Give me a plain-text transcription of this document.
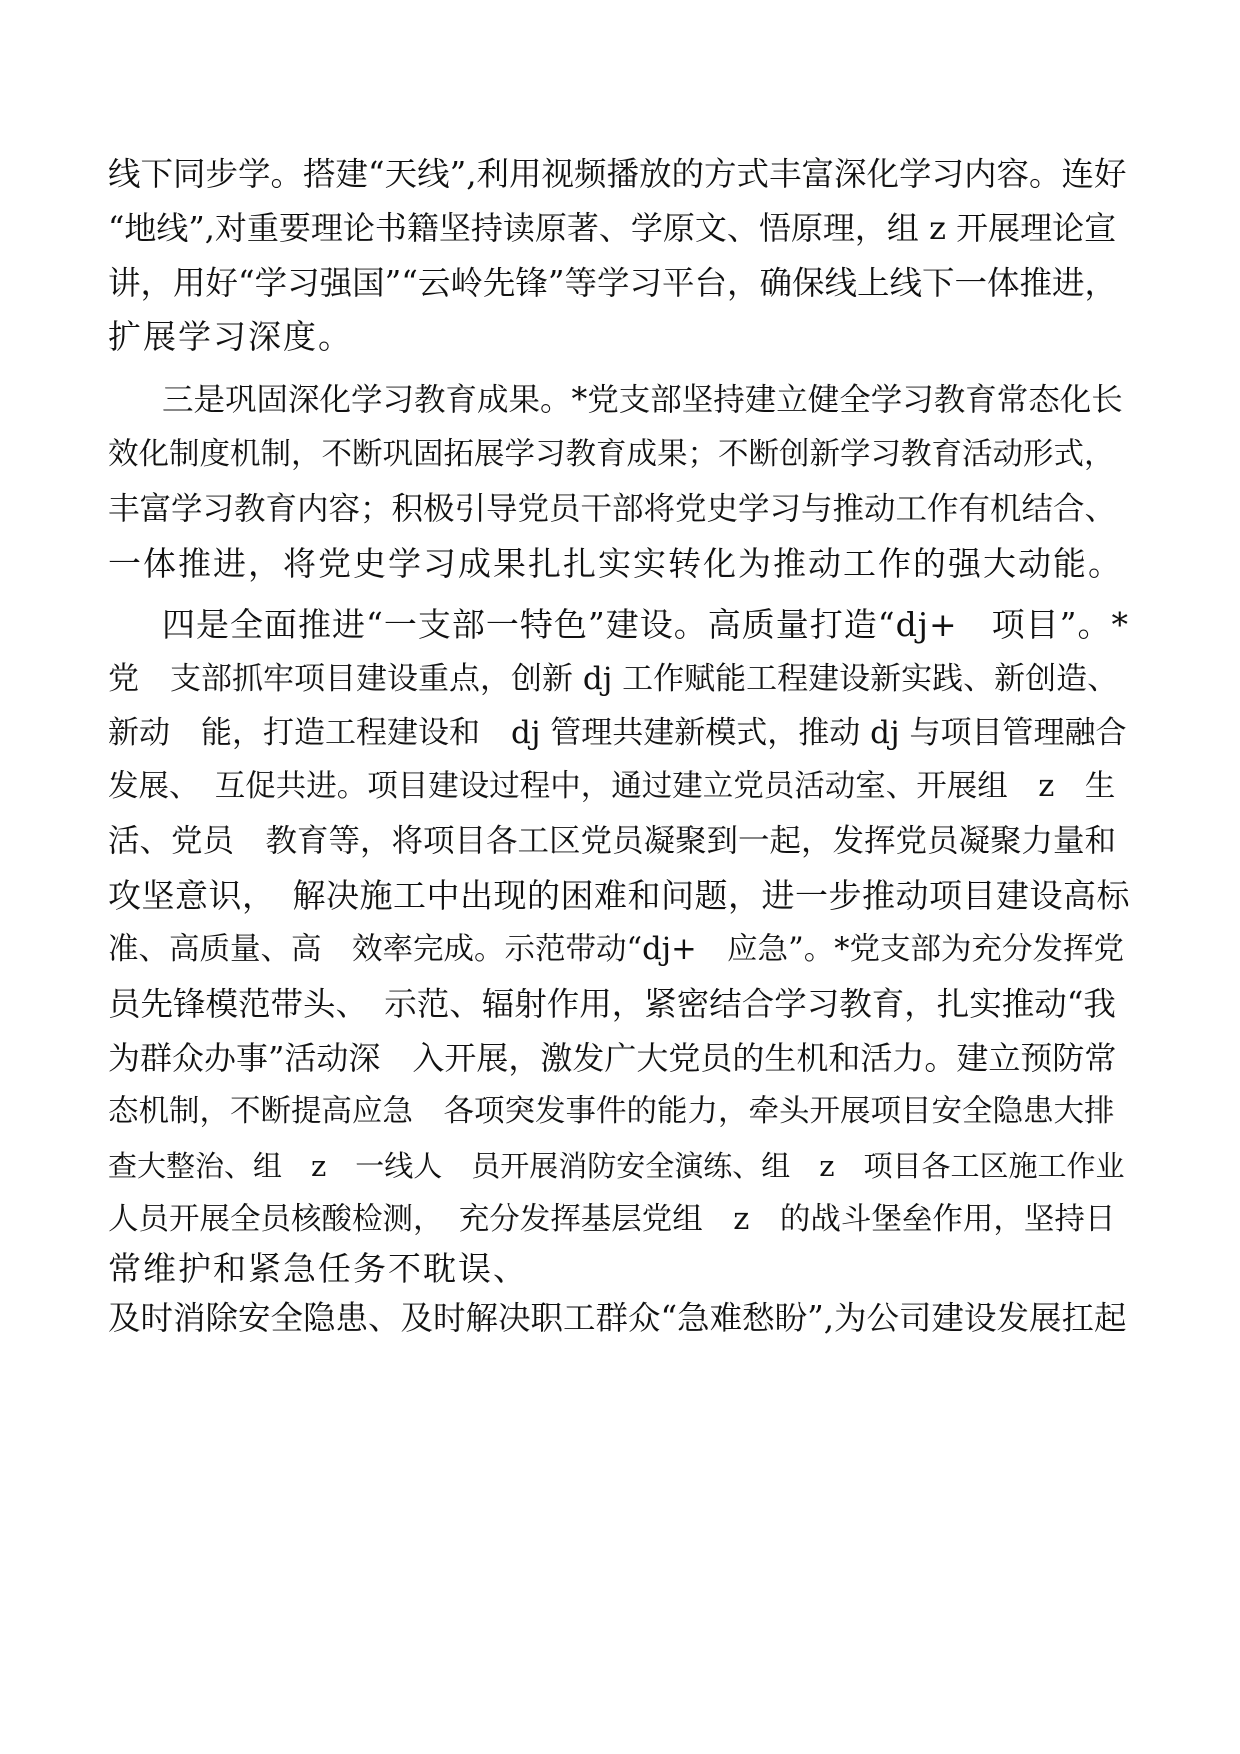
线下同步学。搭建“天线”,利用视频播放的方式丰富深化学习内容。连好

“地线”,对重要理论书籍坚持读原著、学原文、悟原理，组 z 开展理论宣

讲，用好“学习强国”“云岭先锋”等学习平台，确保线上线下一体推进，

扩展学习深度。

三是巩固深化学习教育成果。*党支部坚持建立健全学习教育常态化长

效化制度机制，不断巩固拓展学习教育成果；不断创新学习教育活动形式，

丰富学习教育内容；积极引导党员干部将党史学习与推动工作有机结合、

一体推进，将党史学习成果扎扎实实转化为推动工作的强大动能。

四是全面推进“一支部一特色”建设。高质量打造“dj+　项目”。*

党　支部抓牢项目建设重点，创新 dj 工作赋能工程建设新实践、新创造、

新动　能，打造工程建设和　dj 管理共建新模式，推动 dj 与项目管理融合

发展、　互促共进。项目建设过程中，通过建立党员活动室、开展组　z　生

活、党员　教育等，将项目各工区党员凝聚到一起，发挥党员凝聚力量和

攻坚意识，　解决施工中出现的困难和问题，进一步推动项目建设高标

准、高质量、高　效率完成。示范带动“dj+　应急”。*党支部为充分发挥党

员先锋模范带头、　示范、辐射作用，紧密结合学习教育，扎实推动“我

为群众办事”活动深　入开展，激发广大党员的生机和活力。建立预防常

态机制，不断提高应急　各项突发事件的能力，牵头开展项目安全隐患大排

查大整治、组　z　一线人　员开展消防安全演练、组　z　项目各工区施工作业

人员开展全员核酸检测，　充分发挥基层党组　z　的战斗堡垒作用，坚持日

常维护和紧急任务不耽误、

及时消除安全隐患、及时解决职工群众“急难愁盼”,为公司建设发展扛起
